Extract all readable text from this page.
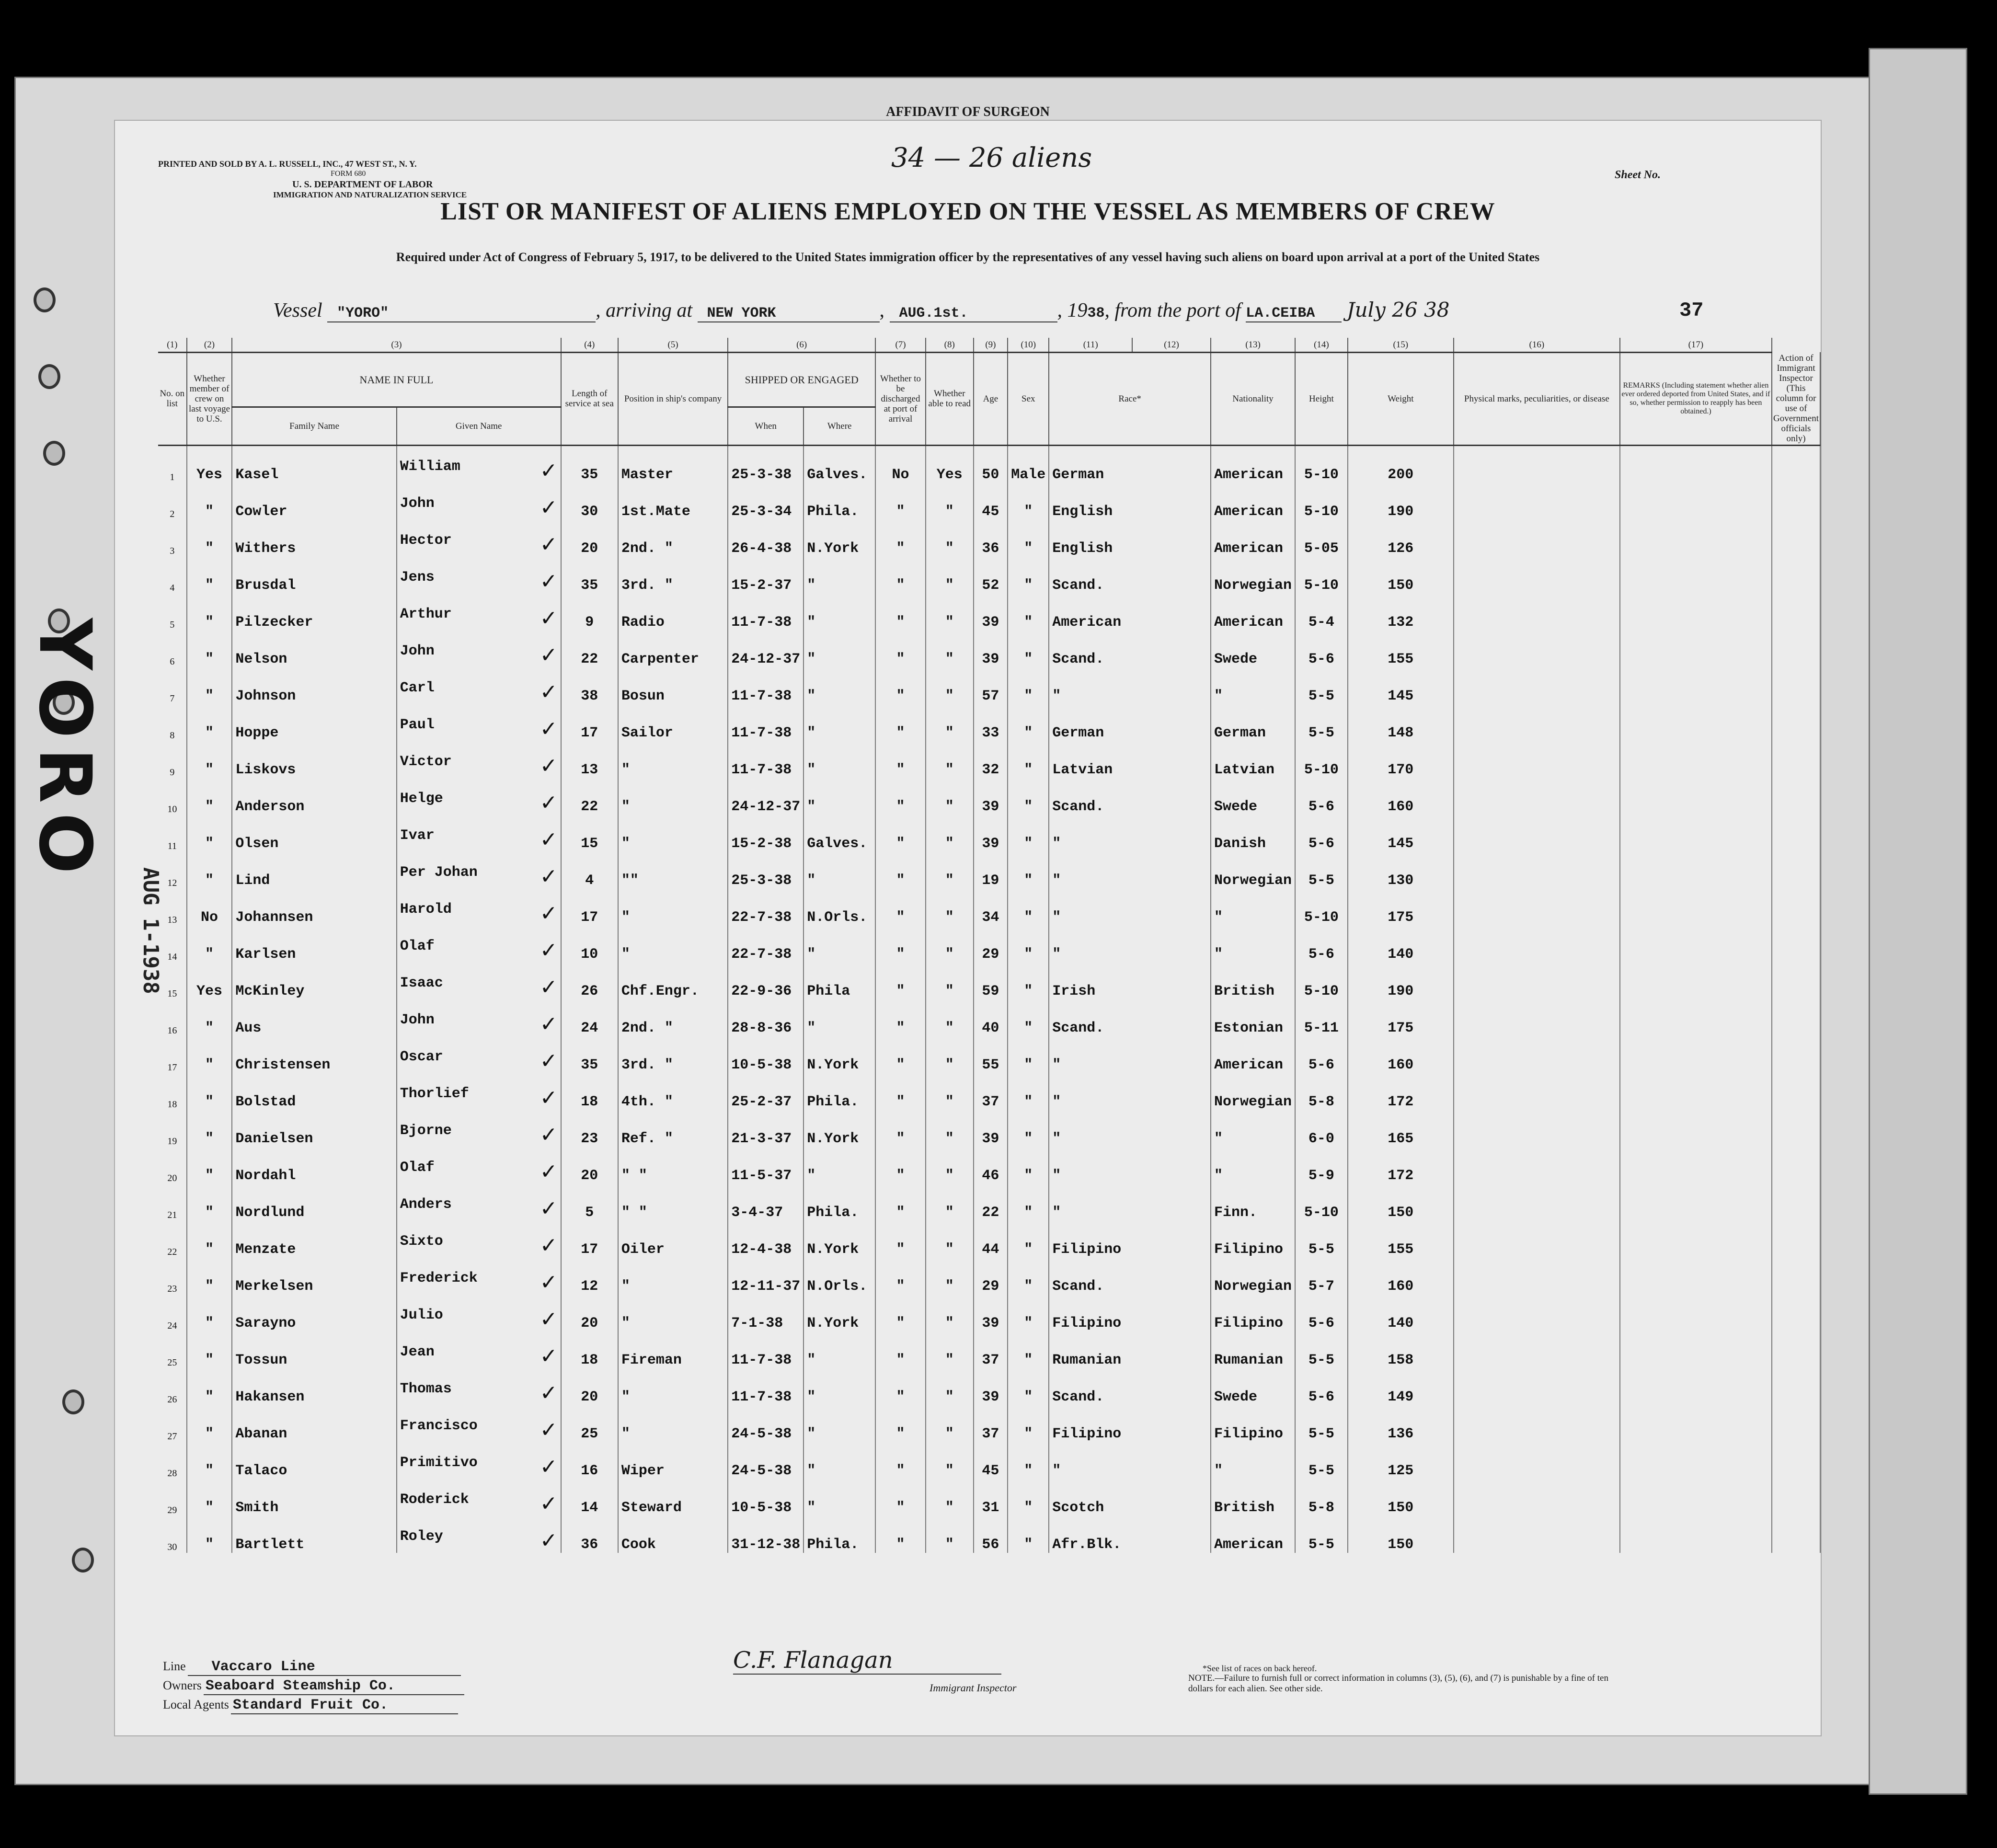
AFFIDAVIT OF SURGEON
PRINTED AND SOLD BY A. L. RUSSELL, INC., 47 WEST ST., N. Y.
FORM 680
U. S. DEPARTMENT OF LABOR
IMMIGRATION AND NATURALIZATION SERVICE
34 — 26 aliens
Sheet No.
LIST OR MANIFEST OF ALIENS EMPLOYED ON THE VESSEL AS MEMBERS OF CREW
Required under Act of Congress of February 5, 1917, to be delivered to the United States immigration officer by the representatives of any vessel having such aliens on board upon arrival at a port of the United States
Vessel "YORO"	, arriving at NEW YORK	, AUG.1st.	, 1938, from the port of LA.CEIBA July 26 38	37
(1)	(2)	(3)		(4)	(5)	(6)		(7)	(8)	(9)	(10)	(11)	(12)	(13)	(14)	(15)	(16)	(17)	
No. on list	Whether member of crew on last voyage to U.S.	NAME IN FULL		Length of service at sea	Position in ship's company	SHIPPED OR ENGAGED		Whether to be discharged at port of arrival	Whether able to read	Age	Sex	Race*		Nationality	Height	Weight	Physical marks, peculiarities, or disease	REMARKS (Including statement whether alien ever ordered deported from United States, and if so, whether permission to reapply has been obtained.)	Action of Immigrant Inspector (This column for use of Government officials only)
		Family Name	Given Name			When	Where												
1	Yes	Kasel	William ✓	35	Master	25-3-38	Galves.	No	Yes	50	Male	German		American	5-10	200			
2	"	Cowler	John ✓	30	1st.Mate	25-3-34	Phila.	"	"	45	"	English		American	5-10	190			
3	"	Withers	Hector ✓	20	2nd. "	26-4-38	N.York	"	"	36	"	English		American	5-05	126			
4	"	Brusdal	Jens ✓	35	3rd. "	15-2-37	"	"	"	52	"	Scand.		Norwegian	5-10	150			
5	"	Pilzecker	Arthur ✓	9	Radio	11-7-38	"	"	"	39	"	American		American	5-4	132			
6	"	Nelson	John ✓	22	Carpenter	24-12-37	"	"	"	39	"	Scand.		Swede	5-6	155			
7	"	Johnson	Carl ✓	38	Bosun	11-7-38	"	"	"	57	"	"		"	5-5	145			
8	"	Hoppe	Paul ✓	17	Sailor	11-7-38	"	"	"	33	"	German		German	5-5	148			
9	"	Liskovs	Victor ✓	13	"	11-7-38	"	"	"	32	"	Latvian		Latvian	5-10	170			
10	"	Anderson	Helge ✓	22	"	24-12-37	"	"	"	39	"	Scand.		Swede	5-6	160			
11	"	Olsen	Ivar ✓	15	"	15-2-38	Galves.	"	"	39	"	"		Danish	5-6	145			
12	"	Lind	Per Johan ✓	4	""	25-3-38	"	"	"	19	"	"		Norwegian	5-5	130			
13	No	Johannsen	Harold ✓	17	"	22-7-38	N.Orls.	"	"	34	"	"		"	5-10	175			
14	"	Karlsen	Olaf ✓	10	"	22-7-38	"	"	"	29	"	"		"	5-6	140			
15	Yes	McKinley	Isaac ✓	26	Chf.Engr.	22-9-36	Phila	"	"	59	"	Irish		British	5-10	190			
16	"	Aus	John ✓	24	2nd. "	28-8-36	"	"	"	40	"	Scand.		Estonian	5-11	175			
17	"	Christensen	Oscar ✓	35	3rd. "	10-5-38	N.York	"	"	55	"	"		American	5-6	160			
18	"	Bolstad	Thorlief ✓	18	4th. "	25-2-37	Phila.	"	"	37	"	"		Norwegian	5-8	172			
19	"	Danielsen	Bjorne ✓	23	Ref. "	21-3-37	N.York	"	"	39	"	"		"	6-0	165			
20	"	Nordahl	Olaf ✓	20	" "	11-5-37	"	"	"	46	"	"		"	5-9	172			
21	"	Nordlund	Anders ✓	5	" "	3-4-37	Phila.	"	"	22	"	"		Finn.	5-10	150			
22	"	Menzate	Sixto ✓	17	Oiler	12-4-38	N.York	"	"	44	"	Filipino		Filipino	5-5	155			
23	"	Merkelsen	Frederick ✓	12	"	12-11-37	N.Orls.	"	"	29	"	Scand.		Norwegian	5-7	160			
24	"	Sarayno	Julio ✓	20	"	7-1-38	N.York	"	"	39	"	Filipino		Filipino	5-6	140			
25	"	Tossun	Jean ✓	18	Fireman	11-7-38	"	"	"	37	"	Rumanian		Rumanian	5-5	158			
26	"	Hakansen	Thomas ✓	20	"	11-7-38	"	"	"	39	"	Scand.		Swede	5-6	149			
27	"	Abanan	Francisco ✓	25	"	24-5-38	"	"	"	37	"	Filipino		Filipino	5-5	136			
28	"	Talaco	Primitivo ✓	16	Wiper	24-5-38	"	"	"	45	"	"		"	5-5	125			
29	"	Smith	Roderick ✓	14	Steward	10-5-38	"	"	"	31	"	Scotch		British	5-8	150			
30	"	Bartlett	Roley ✓	36	Cook	31-12-38	Phila.	"	"	56	"	Afr.Blk.		American	5-5	150			
Line Vaccaro Line
Owners Seaboard Steamship Co.
Local Agents Standard Fruit Co.
C.F. Flanagan
Immigrant Inspector
*See list of races on back hereof.
NOTE.—Failure to furnish full or correct information in columns (3), (5), (6), and (7) is punishable by a fine of ten dollars for each alien. See other side.
YORO
AUG 1-1938
